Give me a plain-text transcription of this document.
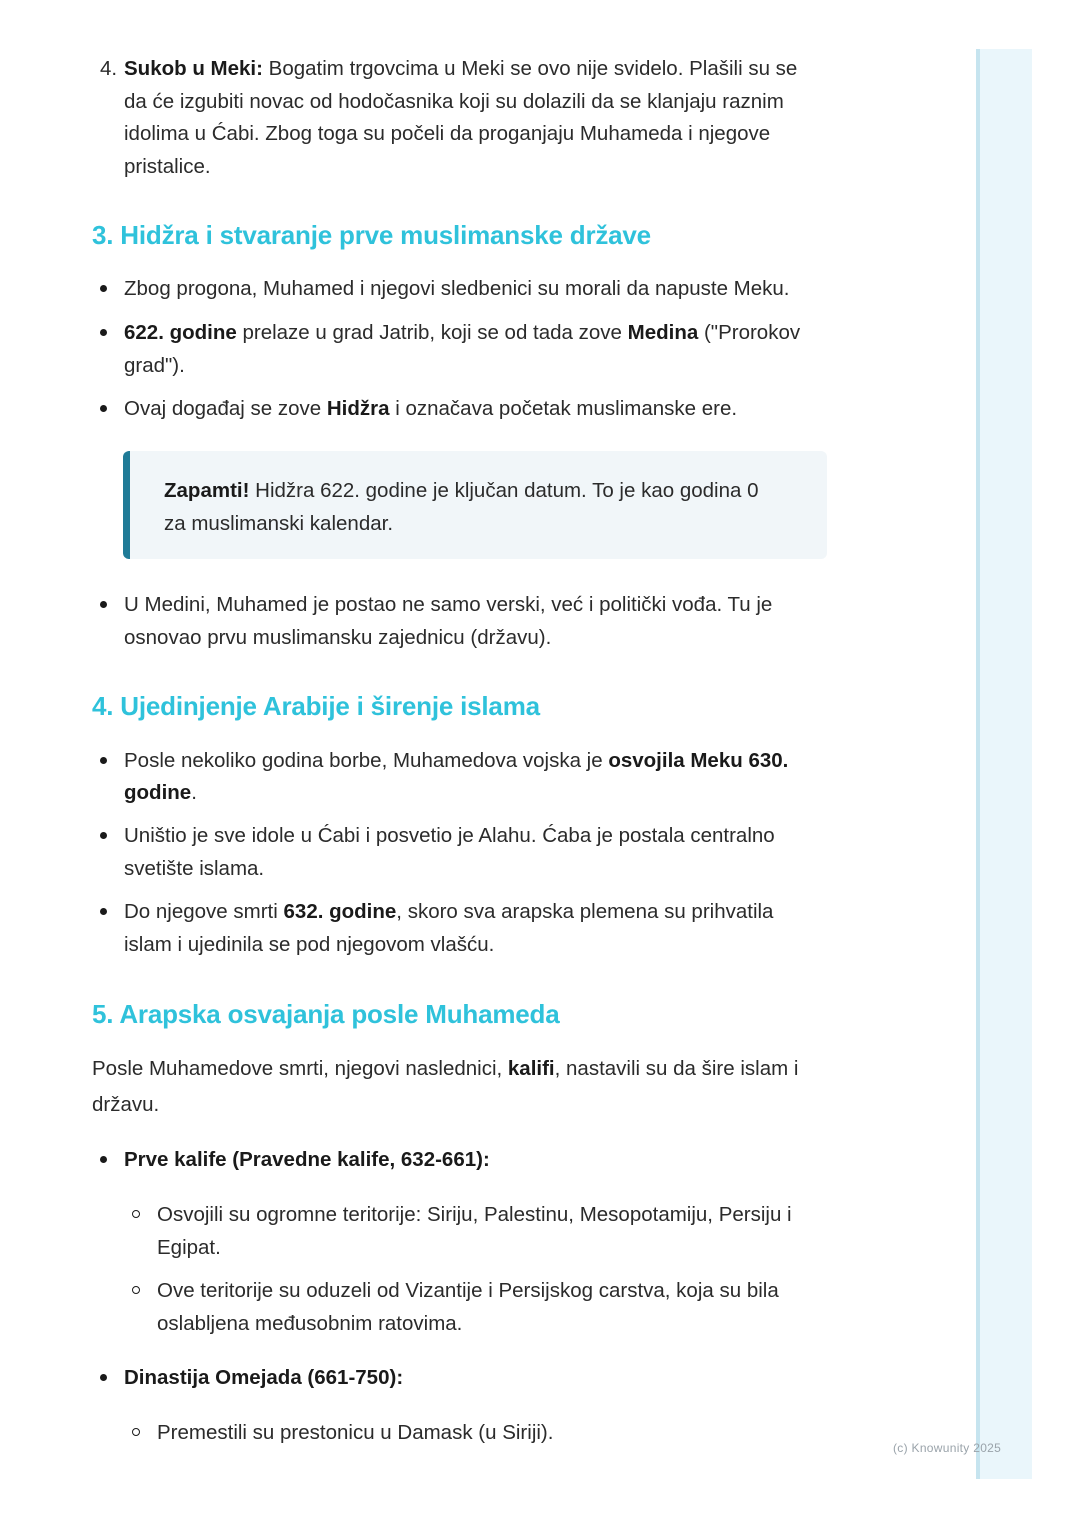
4. Sukob u Meki: Bogatim trgovcima u Meki se ovo nije svidelo. Plašili su se
da će izgubiti novac od hodočasnika koji su dolazili da se klanjaju raznim
idolima u Ćabi. Zbog toga su počeli da proganjaju Muhameda i njegove
pristalice.
3. Hidžra i stvaranje prve muslimanske države
Zbog progona, Muhamed i njegovi sledbenici su morali da napuste Meku.
622. godine prelaze u grad Jatrib, koji se od tada zove Medina ("Prorokov
grad").
Ovaj događaj se zove Hidžra i označava početak muslimanske ere.
Zapamti! Hidžra 622. godine je ključan datum. To je kao godina 0
za muslimanski kalendar.
U Medini, Muhamed je postao ne samo verski, već i politički vođa. Tu je
osnovao prvu muslimansku zajednicu (državu).
4. Ujedinjenje Arabije i širenje islama
Posle nekoliko godina borbe, Muhamedova vojska je osvojila Meku 630.
godine.
Uništio je sve idole u Ćabi i posvetio je Alahu. Ćaba je postala centralno
svetište islama.
Do njegove smrti 632. godine, skoro sva arapska plemena su prihvatila
islam i ujedinila se pod njegovom vlašću.
5. Arapska osvajanja posle Muhameda
Posle Muhamedove smrti, njegovi naslednici, kalifi, nastavili su da šire islam i
državu.
Prve kalife (Pravedne kalife, 632-661):
Osvojili su ogromne teritorije: Siriju, Palestinu, Mesopotamiju, Persiju i
Egipat.
Ove teritorije su oduzeli od Vizantije i Persijskog carstva, koja su bila
oslabljena međusobnim ratovima.
Dinastija Omejada (661-750):
Premestili su prestonicu u Damask (u Siriji).
(c) Knowunity 2025
